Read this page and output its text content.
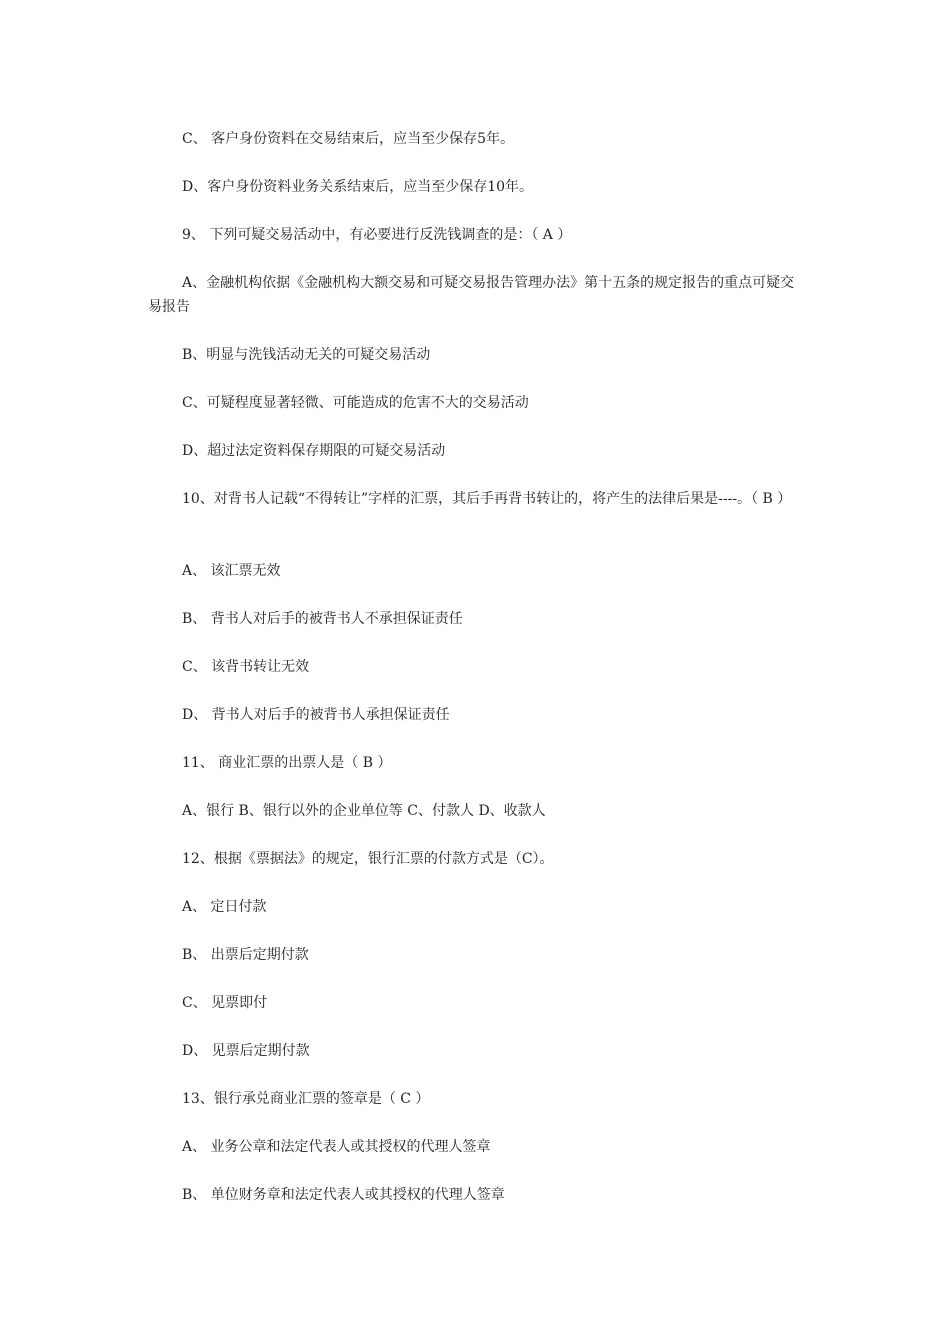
C、 客户身份资料在交易结束后，应当至少保存5年。
D、客户身份资料业务关系结束后，应当至少保存10年。
9、 下列可疑交易活动中，有必要进行反洗钱调查的是：（ A ）
A、金融机构依据《金融机构大额交易和可疑交易报告管理办法》第十五条的规定报告的重点可疑交易报告
B、明显与洗钱活动无关的可疑交易活动
C、可疑程度显著轻微、可能造成的危害不大的交易活动
D、超过法定资料保存期限的可疑交易活动
10、对背书人记载“不得转让”字样的汇票，其后手再背书转让的，将产生的法律后果是----。（ B ）
A、 该汇票无效
B、 背书人对后手的被背书人不承担保证责任
C、 该背书转让无效
D、 背书人对后手的被背书人承担保证责任
11、 商业汇票的出票人是（ B ）
A、银行 B、银行以外的企业单位等 C、付款人 D、收款人
12、根据《票据法》的规定，银行汇票的付款方式是（C）。
A、 定日付款
B、 出票后定期付款
C、 见票即付
D、 见票后定期付款
13、银行承兑商业汇票的签章是（ C ）
A、 业务公章和法定代表人或其授权的代理人签章
B、 单位财务章和法定代表人或其授权的代理人签章
